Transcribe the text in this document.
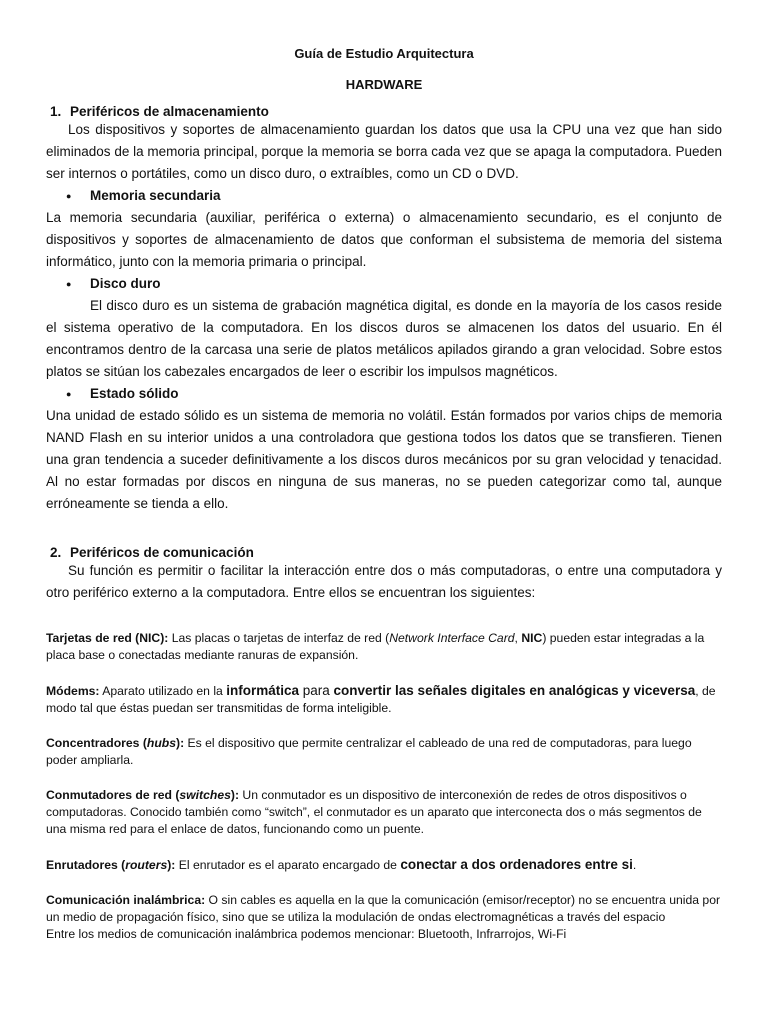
Guía de Estudio Arquitectura
HARDWARE
1. Periféricos de almacenamiento

Los dispositivos y soportes de almacenamiento guardan los datos que usa la CPU una vez que han sido eliminados de la memoria principal, porque la memoria se borra cada vez que se apaga la computadora. Pueden ser internos o portátiles, como un disco duro, o extraíbles, como un CD o DVD.

● Memoria secundaria

La memoria secundaria (auxiliar, periférica o externa) o almacenamiento secundario, es el conjunto de dispositivos y soportes de almacenamiento de datos que conforman el subsistema de memoria del sistema informático, junto con la memoria primaria o principal.

● Disco duro

El disco duro es un sistema de grabación magnética digital, es donde en la mayoría de los casos reside el sistema operativo de la computadora. En los discos duros se almacenen los datos del usuario. En él encontramos dentro de la carcasa una serie de platos metálicos apilados girando a gran velocidad. Sobre estos platos se sitúan los cabezales encargados de leer o escribir los impulsos magnéticos.

● Estado sólido

Una unidad de estado sólido es un sistema de memoria no volátil. Están formados por varios chips de memoria NAND Flash en su interior unidos a una controladora que gestiona todos los datos que se transfieren. Tienen una gran tendencia a suceder definitivamente a los discos duros mecánicos por su gran velocidad y tenacidad. Al no estar formadas por discos en ninguna de sus maneras, no se pueden categorizar como tal, aunque erróneamente se tienda a ello.

2. Periféricos de comunicación

Su función es permitir o facilitar la interacción entre dos o más computadoras, o entre una computadora y otro periférico externo a la computadora. Entre ellos se encuentran los siguientes:

Tarjetas de red (NIC): Las placas o tarjetas de interfaz de red (Network Interface Card, NIC) pueden estar integradas a la placa base o conectadas mediante ranuras de expansión.

Módems: Aparato utilizado en la informática para convertir las señales digitales en analógicas y viceversa, de modo tal que éstas puedan ser transmitidas de forma inteligible.

Concentradores (hubs): Es el dispositivo que permite centralizar el cableado de una red de computadoras, para luego poder ampliarla.

Conmutadores de red (switches): Un conmutador es un dispositivo de interconexión de redes de otros dispositivos o computadoras. Conocido también como “switch”, el conmutador es un aparato que interconecta dos o más segmentos de una misma red para el enlace de datos, funcionando como un puente.

Enrutadores (routers): El enrutador es el aparato encargado de conectar a dos ordenadores entre si.

Comunicación inalámbrica: O sin cables es aquella en la que la comunicación (emisor/receptor) no se encuentra unida por un medio de propagación físico, sino que se utiliza la modulación de ondas electromagnéticas a través del espacio
Entre los medios de comunicación inalámbrica podemos mencionar: Bluetooth, Infrarrojos, Wi-Fi
